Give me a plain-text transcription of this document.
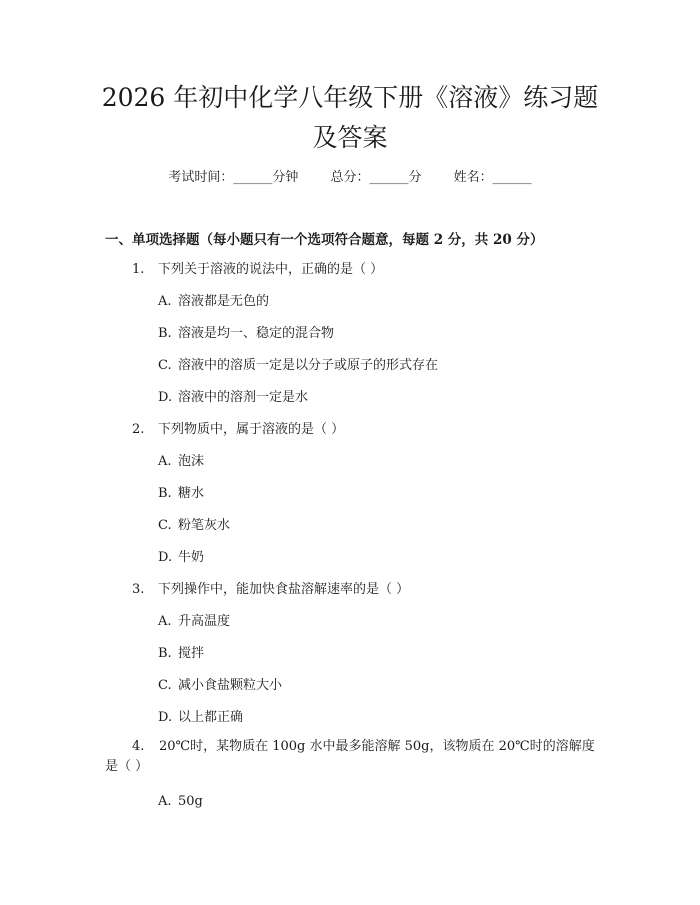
2026 年初中化学八年级下册《溶液》练习题
及答案
考试时间：______分钟 总分：______分 姓名：______
一、单项选择题（每小题只有一个选项符合题意，每题 2 分，共 20 分）
1. 下列关于溶液的说法中，正确的是（ ）
A. 溶液都是无色的
B. 溶液是均一、稳定的混合物
C. 溶液中的溶质一定是以分子或原子的形式存在
D. 溶液中的溶剂一定是水
2. 下列物质中，属于溶液的是（ ）
A. 泡沫
B. 糖水
C. 粉笔灰水
D. 牛奶
3. 下列操作中，能加快食盐溶解速率的是（ ）
A. 升高温度
B. 搅拌
C. 减小食盐颗粒大小
D. 以上都正确
4. 20℃时，某物质在 100g 水中最多能溶解 50g，该物质在 20℃时的溶解度是（ ）
A. 50g
